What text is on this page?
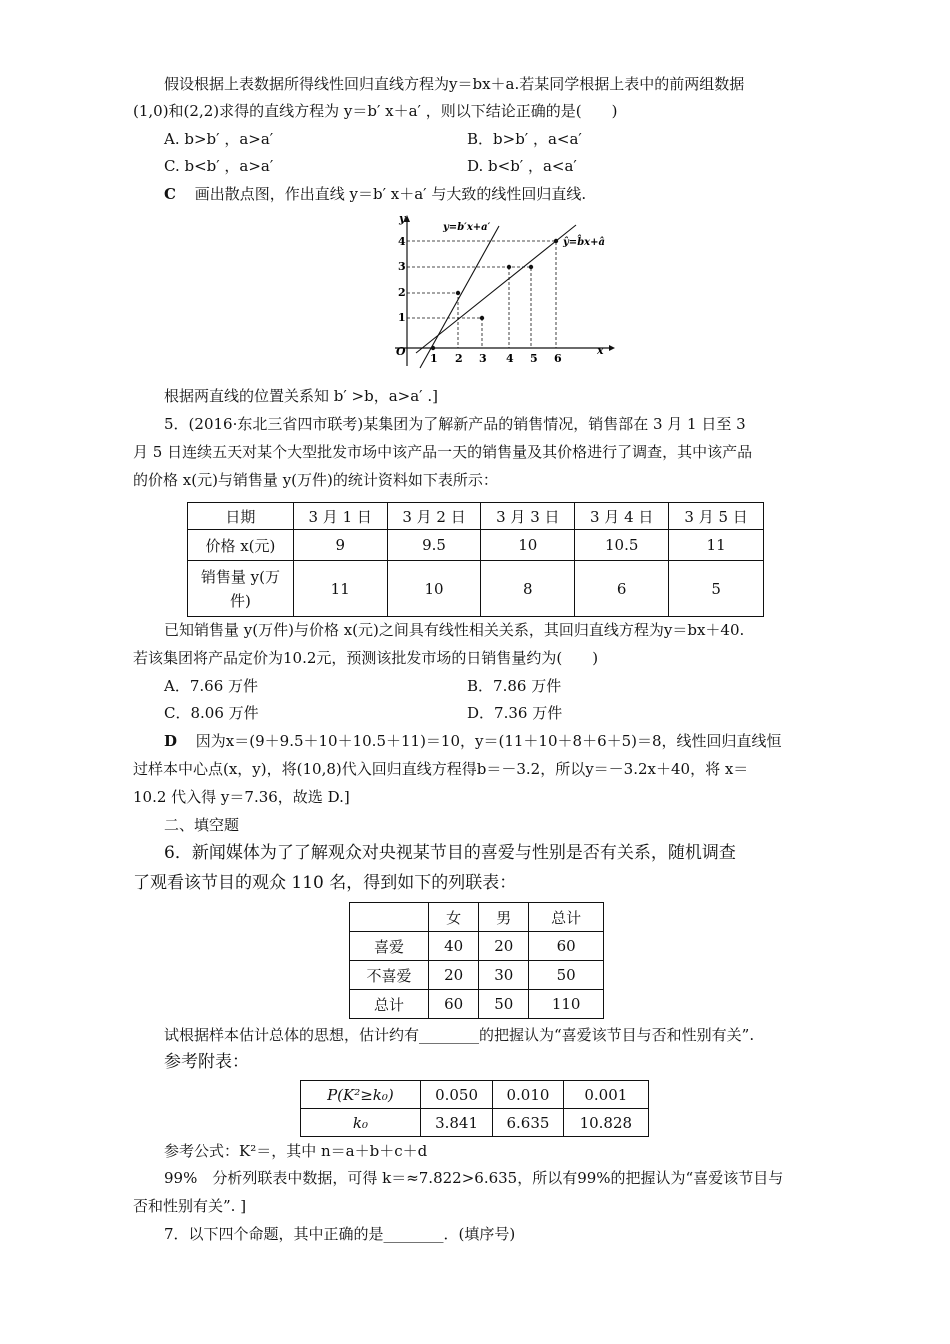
假设根据上表数据所得线性回归直线方程为y＝bx＋a.若某同学根据上表中的前两组数据
(1,0)和(2,2)求得的直线方程为 y＝b′ x＋a′ ，则以下结论正确的是(　　)
A. b>b′ ，a>a′	B．b>b′ ，a<a′
C. b<b′ ，a>a′	D. b<b′ ，a<a′
C 画出散点图，作出直线 y＝b′ x＋a′ 与大致的线性回归直线.
y
x
O
1
2
3
4
1 2 3 4 5 6
y=b′x+a′
ŷ=b̂x+â
根据两直线的位置关系知 b′ >b，a>a′ .]
5．(2016·东北三省四市联考)某集团为了解新产品的销售情况，销售部在 3 月 1 日至 3
月 5 日连续五天对某个大型批发市场中该产品一天的销售量及其价格进行了调查，其中该产品
的价格 x(元)与销售量 y(万件)的统计资料如下表所示：
日期	3 月 1 日	3 月 2 日	3 月 3 日	3 月 4 日	3 月 5 日
价格 x(元)	9	9.5	10	10.5	11

销售量 y(万
件)	11	10	8	6	5
已知销售量 y(万件)与价格 x(元)之间具有线性相关关系，其回归直线方程为y＝bx＋40.
若该集团将产品定价为10.2元，预测该批发市场的日销售量约为(　　)
A．7.66 万件	B．7.86 万件
C．8.06 万件	D．7.36 万件
D 因为x＝(9＋9.5＋10＋10.5＋11)＝10，y＝(11＋10＋8＋6＋5)＝8，线性回归直线恒
过样本中心点(x，y)，将(10,8)代入回归直线方程得b＝－3.2，所以y＝－3.2x＋40，将 x＝
10.2 代入得 y＝7.36，故选 D.]
二、填空题
6．新闻媒体为了了解观众对央视某节目的喜爱与性别是否有关系，随机调查
了观看该节目的观众 110 名，得到如下的列联表：
	女	男	总计
喜爱	40	20	60
不喜爱	20	30	50
总计	60	50	110
试根据样本估计总体的思想，估计约有________的把握认为“喜爱该节目与否和性别有关”.
参考附表：
P(K²≥k₀)	0.050	0.010	0.001
k₀	3.841	6.635	10.828
参考公式：K²＝，其中 n＝a＋b＋c＋d
99%　分析列联表中数据，可得 k＝≈7.822>6.635，所以有99%的把握认为“喜爱该节目与
否和性别有关”. ]
7．以下四个命题，其中正确的是________．(填序号)
